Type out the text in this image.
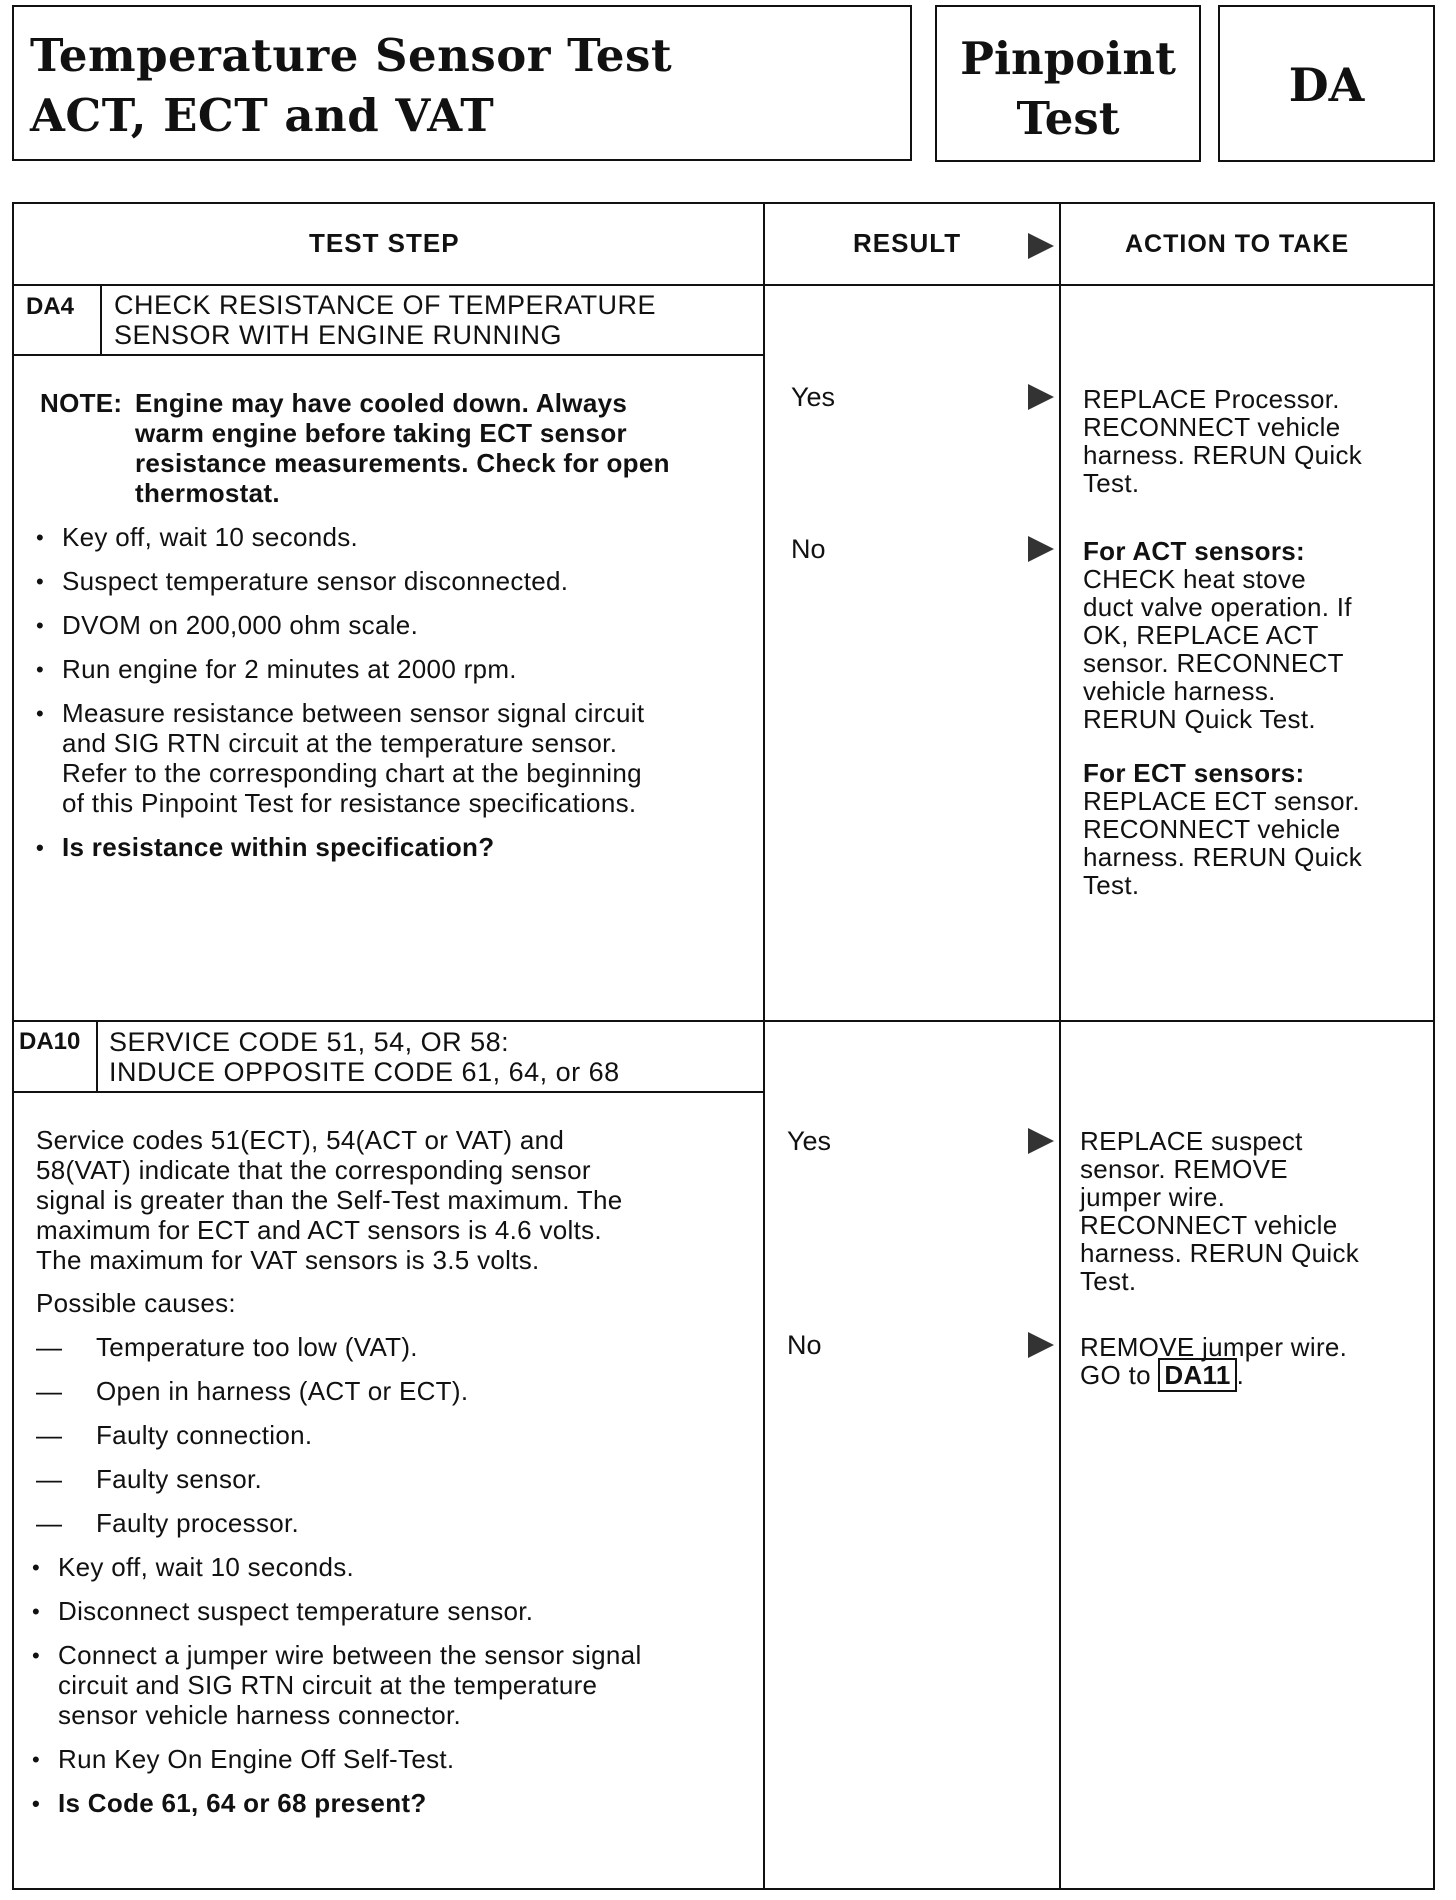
Temperature Sensor Test
ACT, ECT and VAT
Pinpoint
Test
DA
TEST STEP	RESULT	ACTION TO TAKE
DA4 CHECK RESISTANCE OF TEMPERATURE
SENSOR WITH ENGINE RUNNING
NOTE: Engine may have cooled down. Always
warm engine before taking ECT sensor
resistance measurements. Check for open
thermostat.
• Key off, wait 10 seconds.
• Suspect temperature sensor disconnected.
• DVOM on 200,000 ohm scale.
• Run engine for 2 minutes at 2000 rpm.
• Measure resistance between sensor signal circuit
and SIG RTN circuit at the temperature sensor.
Refer to the corresponding chart at the beginning
of this Pinpoint Test for resistance specifications.
• Is resistance within specification?
Yes
No
REPLACE Processor.
RECONNECT vehicle
harness. RERUN Quick
Test.
For ACT sensors:
CHECK heat stove
duct valve operation. If
OK, REPLACE ACT
sensor. RECONNECT
vehicle harness.
RERUN Quick Test.
For ECT sensors:
REPLACE ECT sensor.
RECONNECT vehicle
harness. RERUN Quick
Test.
DA10 SERVICE CODE 51, 54, OR 58:
INDUCE OPPOSITE CODE 61, 64, or 68
Service codes 51(ECT), 54(ACT or VAT) and
58(VAT) indicate that the corresponding sensor
signal is greater than the Self-Test maximum. The
maximum for ECT and ACT sensors is 4.6 volts.
The maximum for VAT sensors is 3.5 volts.
Possible causes:
— Temperature too low (VAT).
— Open in harness (ACT or ECT).
— Faulty connection.
— Faulty sensor.
— Faulty processor.
• Key off, wait 10 seconds.
• Disconnect suspect temperature sensor.
• Connect a jumper wire between the sensor signal
circuit and SIG RTN circuit at the temperature
sensor vehicle harness connector.
• Run Key On Engine Off Self-Test.
• Is Code 61, 64 or 68 present?
Yes
No
REPLACE suspect
sensor. REMOVE
jumper wire.
RECONNECT vehicle
harness. RERUN Quick
Test.
REMOVE jumper wire.
GO to DA11 .
